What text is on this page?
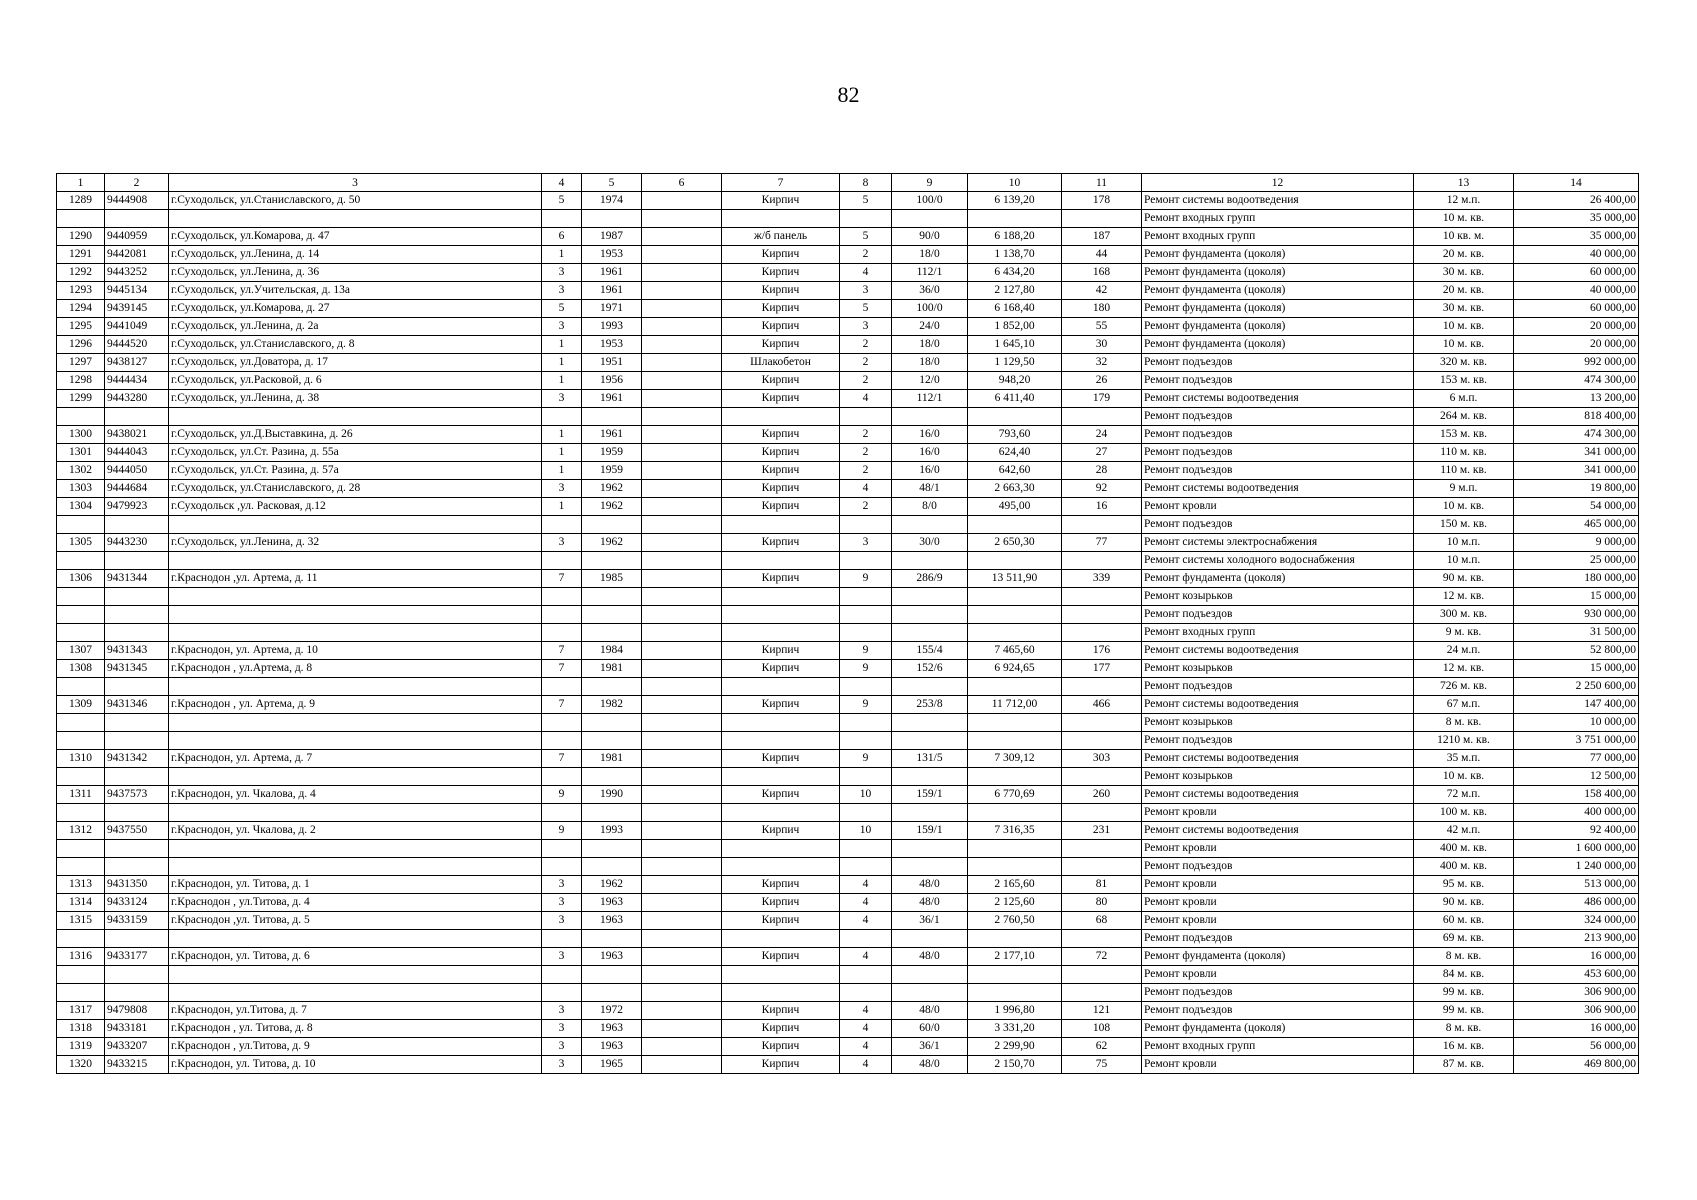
82
1	2	3	4	5	6	7	8	9	10	11	12	13	14
1289	9444908	г.Суходольск, ул.Станиславского, д. 50	5	1974		Кирпич	5	100/0	6 139,20	178	Ремонт системы водоотведения	12 м.п.	26 400,00
											Ремонт входных групп	10 м. кв.	35 000,00
1290	9440959	г.Суходольск, ул.Комарова, д. 47	6	1987		ж/б панель	5	90/0	6 188,20	187	Ремонт входных групп	10 кв. м.	35 000,00
1291	9442081	г.Суходольск, ул.Ленина, д. 14	1	1953		Кирпич	2	18/0	1 138,70	44	Ремонт фундамента (цоколя)	20 м. кв.	40 000,00
1292	9443252	г.Суходольск, ул.Ленина, д. 36	3	1961		Кирпич	4	112/1	6 434,20	168	Ремонт фундамента (цоколя)	30 м. кв.	60 000,00
1293	9445134	г.Суходольск, ул.Учительская, д. 13а	3	1961		Кирпич	3	36/0	2 127,80	42	Ремонт фундамента (цоколя)	20 м. кв.	40 000,00
1294	9439145	г.Суходольск, ул.Комарова, д. 27	5	1971		Кирпич	5	100/0	6 168,40	180	Ремонт фундамента (цоколя)	30 м. кв.	60 000,00
1295	9441049	г.Суходольск, ул.Ленина, д. 2а	3	1993		Кирпич	3	24/0	1 852,00	55	Ремонт фундамента (цоколя)	10 м. кв.	20 000,00
1296	9444520	г.Суходольск, ул.Станиславского, д. 8	1	1953		Кирпич	2	18/0	1 645,10	30	Ремонт фундамента (цоколя)	10 м. кв.	20 000,00
1297	9438127	г.Суходольск, ул.Доватора, д. 17	1	1951		Шлакобетон	2	18/0	1 129,50	32	Ремонт подъездов	320 м. кв.	992 000,00
1298	9444434	г.Суходольск, ул.Расковой, д. 6	1	1956		Кирпич	2	12/0	948,20	26	Ремонт подъездов	153 м. кв.	474 300,00
1299	9443280	г.Суходольск, ул.Ленина, д. 38	3	1961		Кирпич	4	112/1	6 411,40	179	Ремонт системы водоотведения	6 м.п.	13 200,00
											Ремонт подъездов	264 м. кв.	818 400,00
1300	9438021	г.Суходольск, ул.Д.Выставкина, д. 26	1	1961		Кирпич	2	16/0	793,60	24	Ремонт подъездов	153 м. кв.	474 300,00
1301	9444043	г.Суходольск, ул.Ст. Разина, д. 55а	1	1959		Кирпич	2	16/0	624,40	27	Ремонт подъездов	110 м. кв.	341 000,00
1302	9444050	г.Суходольск, ул.Ст. Разина, д. 57а	1	1959		Кирпич	2	16/0	642,60	28	Ремонт подъездов	110 м. кв.	341 000,00
1303	9444684	г.Суходольск, ул.Станиславского, д. 28	3	1962		Кирпич	4	48/1	2 663,30	92	Ремонт системы водоотведения	9 м.п.	19 800,00
1304	9479923	г.Суходольск ,ул. Расковая, д.12	1	1962		Кирпич	2	8/0	495,00	16	Ремонт кровли	10 м. кв.	54 000,00
											Ремонт подъездов	150 м. кв.	465 000,00
1305	9443230	г.Суходольск, ул.Ленина, д. 32	3	1962		Кирпич	3	30/0	2 650,30	77	Ремонт системы электроснабжения	10 м.п.	9 000,00
											Ремонт системы холодного водоснабжения	10 м.п.	25 000,00
1306	9431344	г.Краснодон ,ул. Артема, д. 11	7	1985		Кирпич	9	286/9	13 511,90	339	Ремонт фундамента (цоколя)	90 м. кв.	180 000,00
											Ремонт козырьков	12 м. кв.	15 000,00
											Ремонт подъездов	300 м. кв.	930 000,00
											Ремонт входных групп	9 м. кв.	31 500,00
1307	9431343	г.Краснодон, ул. Артема, д. 10	7	1984		Кирпич	9	155/4	7 465,60	176	Ремонт системы водоотведения	24 м.п.	52 800,00
1308	9431345	г.Краснодон , ул.Артема, д. 8	7	1981		Кирпич	9	152/6	6 924,65	177	Ремонт козырьков	12 м. кв.	15 000,00
											Ремонт подъездов	726 м. кв.	2 250 600,00
1309	9431346	г.Краснодон , ул. Артема, д. 9	7	1982		Кирпич	9	253/8	11 712,00	466	Ремонт системы водоотведения	67 м.п.	147 400,00
											Ремонт козырьков	8 м. кв.	10 000,00
											Ремонт подъездов	1210 м. кв.	3 751 000,00
1310	9431342	г.Краснодон, ул. Артема, д. 7	7	1981		Кирпич	9	131/5	7 309,12	303	Ремонт системы водоотведения	35 м.п.	77 000,00
											Ремонт козырьков	10 м. кв.	12 500,00
1311	9437573	г.Краснодон, ул. Чкалова, д. 4	9	1990		Кирпич	10	159/1	6 770,69	260	Ремонт системы водоотведения	72 м.п.	158 400,00
											Ремонт кровли	100 м. кв.	400 000,00
1312	9437550	г.Краснодон, ул. Чкалова, д. 2	9	1993		Кирпич	10	159/1	7 316,35	231	Ремонт системы водоотведения	42 м.п.	92 400,00
											Ремонт кровли	400 м. кв.	1 600 000,00
											Ремонт подъездов	400 м. кв.	1 240 000,00
1313	9431350	г.Краснодон, ул. Титова, д. 1	3	1962		Кирпич	4	48/0	2 165,60	81	Ремонт кровли	95 м. кв.	513 000,00
1314	9433124	г.Краснодон , ул.Титова, д. 4	3	1963		Кирпич	4	48/0	2 125,60	80	Ремонт кровли	90 м. кв.	486 000,00
1315	9433159	г.Краснодон ,ул. Титова, д. 5	3	1963		Кирпич	4	36/1	2 760,50	68	Ремонт кровли	60 м. кв.	324 000,00
											Ремонт подъездов	69 м. кв.	213 900,00
1316	9433177	г.Краснодон, ул. Титова, д. 6	3	1963		Кирпич	4	48/0	2 177,10	72	Ремонт фундамента (цоколя)	8 м. кв.	16 000,00
											Ремонт кровли	84 м. кв.	453 600,00
											Ремонт подъездов	99 м. кв.	306 900,00
1317	9479808	г.Краснодон, ул.Титова, д. 7	3	1972		Кирпич	4	48/0	1 996,80	121	Ремонт подъездов	99 м. кв.	306 900,00
1318	9433181	г.Краснодон , ул. Титова, д. 8	3	1963		Кирпич	4	60/0	3 331,20	108	Ремонт фундамента (цоколя)	8 м. кв.	16 000,00
1319	9433207	г.Краснодон , ул.Титова, д. 9	3	1963		Кирпич	4	36/1	2 299,90	62	Ремонт входных групп	16 м. кв.	56 000,00
1320	9433215	г.Краснодон, ул. Титова, д. 10	3	1965		Кирпич	4	48/0	2 150,70	75	Ремонт кровли	87 м. кв.	469 800,00
